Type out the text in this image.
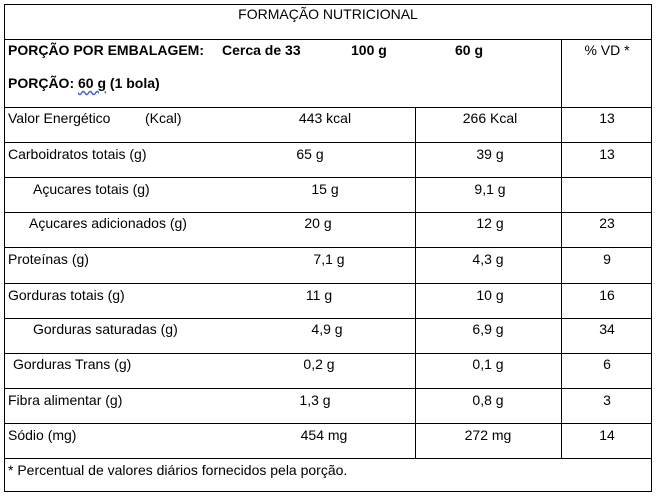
FORMAÇÃO NUTRICIONAL
PORÇÃO POR EMBALAGEM: Cerca de 33	100 g	60 g	% VD *
PORÇÃO: 60 g (1 bola)
Valor Energético (Kcal)	443 kcal	266 Kcal	13
Carboidratos totais (g)	65 g	39 g	13
Açucares totais (g)	15 g	9,1 g
Açucares adicionados (g)	20 g	12 g	23
Proteínas (g)	7,1 g	4,3 g	9
Gorduras totais (g)	11 g	10 g	16
Gorduras saturadas (g)	4,9 g	6,9 g	34
Gorduras Trans (g)	0,2 g	0,1 g	6
Fibra alimentar (g)	1,3 g	0,8 g	3
Sódio (mg)	454 mg	272 mg	14
* Percentual de valores diários fornecidos pela porção.
